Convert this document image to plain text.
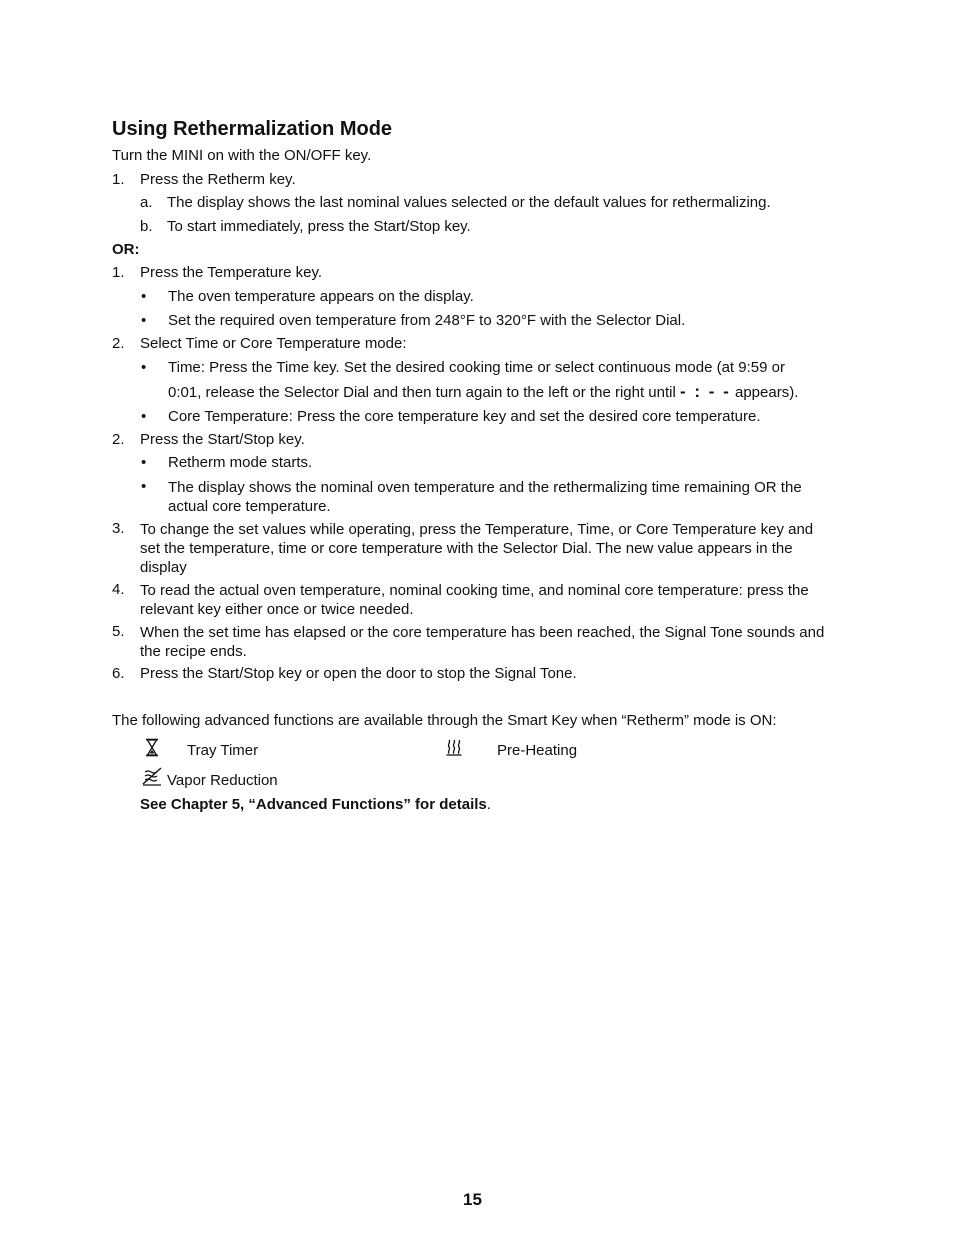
Using Rethermalization Mode
Turn the MINI on with the ON/OFF key.
1. Press the Retherm key.
a. The display shows the last nominal values selected or the default values for rethermalizing.
b. To start immediately, press the Start/Stop key.
OR:
1. Press the Temperature key.
• The oven temperature appears on the display.
• Set the required oven temperature from 248°F to 320°F with the Selector Dial.
2. Select Time or Core Temperature mode:
• Time: Press the Time key. Set the desired cooking time or select continuous mode (at 9:59 or
0:01, release the Selector Dial and then turn again to the left or the right until - : - - appears).
• Core Temperature: Press the core temperature key and set the desired core temperature.
2. Press the Start/Stop key.
• Retherm mode starts.
• The display shows the nominal oven temperature and the rethermalizing time remaining OR the actual core temperature.
3. To change the set values while operating, press the Temperature, Time, or Core Temperature key and set the temperature, time or core temperature with the Selector Dial. The new value appears in the display
4. To read the actual oven temperature, nominal cooking time, and nominal core temperature: press the relevant key either once or twice needed.
5. When the set time has elapsed or the core temperature has been reached, the Signal Tone sounds and the recipe ends.
6. Press the Start/Stop key or open the door to stop the Signal Tone.
The following advanced functions are available through the Smart Key when “Retherm” mode is ON:
Tray Timer	Pre-Heating
Vapor Reduction
See Chapter 5, “Advanced Functions” for details.
15
